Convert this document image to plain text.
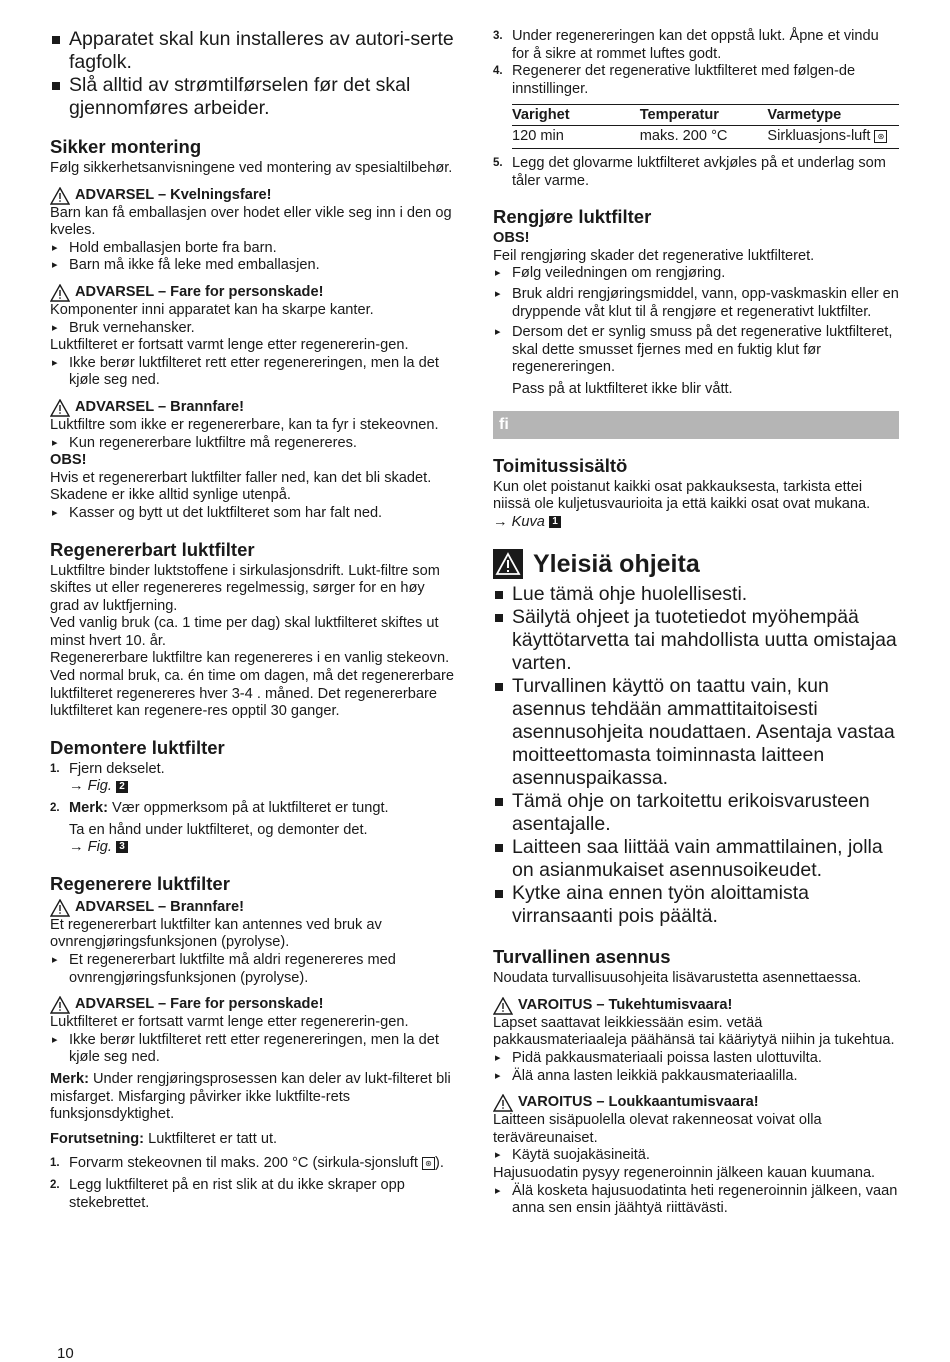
Apparatet skal kun installeres av autori-serte fagfolk.

Slå alltid av strømtilførselen før det skal gjennomføres arbeider.

Sikker montering

Følg sikkerhetsanvisningene ved montering av spesialtilbehør.

ADVARSEL – Kvelningsfare!

Barn kan få emballasjen over hodet eller vikle seg inn i den og kveles.

▸ Hold emballasjen borte fra barn.

▸ Barn må ikke få leke med emballasjen.

ADVARSEL – Fare for personskade!

Komponenter inni apparatet kan ha skarpe kanter.

▸ Bruk vernehansker.

Luktfilteret er fortsatt varmt lenge etter regenererin-gen.

▸ Ikke berør luktfilteret rett etter regenereringen, men la det kjøle seg ned.

ADVARSEL – Brannfare!

Luktfiltre som ikke er regenererbare, kan ta fyr i stekeovnen.

▸ Kun regenererbare luktfiltre må regenereres.

OBS!

Hvis et regenererbart luktfilter faller ned, kan det bli skadet. Skadene er ikke alltid synlige utenpå.

▸ Kasser og bytt ut det luktfilteret som har falt ned.

Regenererbart luktfilter

Luktfiltre binder luktstoffene i sirkulasjonsdrift. Lukt-filtre som skiftes ut eller regenereres regelmessig, sørger for en høy grad av luktfjerning.

Ved vanlig bruk (ca. 1 time per dag) skal luktfilteret skiftes ut minst hvert 10. år.

Regenererbare luktfiltre kan regenereres i en vanlig stekeovn.

Ved normal bruk, ca. én time om dagen, må det regenererbare luktfilteret regenereres hver 3-4 . måned. Det regenererbare luktfilteret kan regenere-res opptil 30 ganger.

Demontere luktfilter

1. Fjern dekselet.

→ Fig. 2

2. Merk: Vær oppmerksom på at luktfilteret er tungt.

Ta en hånd under luktfilteret, og demonter det.

→ Fig. 3

Regenerere luktfilter

ADVARSEL – Brannfare!

Et regenererbart luktfilter kan antennes ved bruk av ovnrengjøringsfunksjonen (pyrolyse).

▸ Et regenererbart luktfilte må aldri regenereres med ovnrengjøringsfunksjonen (pyrolyse).

ADVARSEL – Fare for personskade!

Luktfilteret er fortsatt varmt lenge etter regenererin-gen.

▸ Ikke berør luktfilteret rett etter regenereringen, men la det kjøle seg ned.

Merk: Under rengjøringsprosessen kan deler av lukt-filteret bli misfarget. Misfarging påvirker ikke luktfilte-rets funksjonsdyktighet.

Forutsetning: Luktfilteret er tatt ut.

1. Forvarm stekeovnen til maks. 200 °C (sirkula-sjonsluft ⊛ ).

2. Legg luktfilteret på en rist slik at du ikke skraper opp stekebrettet.

10

3. Under regenereringen kan det oppstå lukt. Åpne et vindu for å sikre at rommet luftes godt.

4. Regenerer det regenerative luktfilteret med følgen-de innstillinger.

Varighet	Temperatur	Varmetype
120 min	maks. 200 °C	Sirkluasjons-luft ⊛

5. Legg det glovarme luktfilteret avkjøles på et underlag som tåler varme.

Rengjøre luktfilter

OBS!

Feil rengjøring skader det regenerative luktfilteret.

▸ Følg veiledningen om rengjøring.

▸ Bruk aldri rengjøringsmiddel, vann, opp-vaskmaskin eller en dryppende våt klut til å rengjøre et regenerativt luktfilter.

▸ Dersom det er synlig smuss på det regenerative luktfilteret, skal dette smusset fjernes med en fuktig klut før regenereringen.

Pass på at luktfilteret ikke blir vått.

fi

Toimitussisältö

Kun olet poistanut kaikki osat pakkauksesta, tarkista ettei niissä ole kuljetusvaurioita ja että kaikki osat ovat mukana.

→ Kuva 1

Yleisiä ohjeita

Lue tämä ohje huolellisesti.

Säilytä ohjeet ja tuotetiedot myöhempää käyttötarvetta tai mahdollista uutta omistajaa varten.

Turvallinen käyttö on taattu vain, kun asennus tehdään ammattitaitoisesti asennusohjeita noudattaen. Asentaja vastaa moitteettomasta toiminnasta laitteen asennuspaikassa.

Tämä ohje on tarkoitettu erikoisvarusteen asentajalle.

Laitteen saa liittää vain ammattilainen, jolla on asianmukaiset asennusoikeudet.

Kytke aina ennen työn aloittamista virransaanti pois päältä.

Turvallinen asennus

Noudata turvallisuusohjeita lisävarustetta asennettaessa.

VAROITUS – Tukehtumisvaara!

Lapset saattavat leikkiessään esim. vetää pakkausmateriaaleja päähänsä tai kääriytyä niihin ja tukehtua.

▸ Pidä pakkausmateriaali poissa lasten ulottuvilta.

▸ Älä anna lasten leikkiä pakkausmateriaalilla.

VAROITUS – Loukkaantumisvaara!

Laitteen sisäpuolella olevat rakenneosat voivat olla teräväreunaiset.

▸ Käytä suojakäsineitä.

Hajusuodatin pysyy regeneroinnin jälkeen kauan kuumana.

▸ Älä kosketa hajusuodatinta heti regeneroinnin jälkeen, vaan anna sen ensin jäähtyä riittävästi.
